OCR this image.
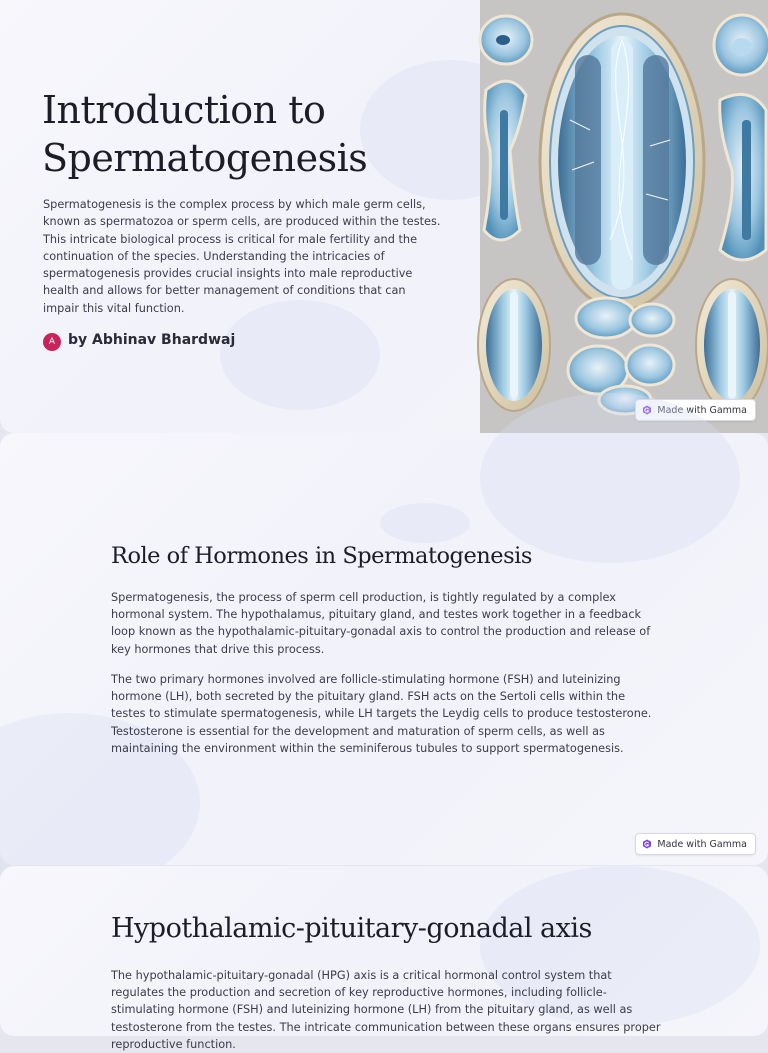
Introduction to Spermatogenesis

Spermatogenesis is the complex process by which male germ cells, known as spermatozoa or sperm cells, are produced within the testes. This intricate biological process is critical for male fertility and the continuation of the species. Understanding the intricacies of spermatogenesis provides crucial insights into male reproductive health and allows for better management of conditions that can impair this vital function.

A by Abhinav Bhardwaj
Made with Gamma
Role of Hormones in Spermatogenesis

Spermatogenesis, the process of sperm cell production, is tightly regulated by a complex hormonal system. The hypothalamus, pituitary gland, and testes work together in a feedback loop known as the hypothalamic-pituitary-gonadal axis to control the production and release of key hormones that drive this process.

The two primary hormones involved are follicle-stimulating hormone (FSH) and luteinizing hormone (LH), both secreted by the pituitary gland. FSH acts on the Sertoli cells within the testes to stimulate spermatogenesis, while LH targets the Leydig cells to produce testosterone. Testosterone is essential for the development and maturation of sperm cells, as well as maintaining the environment within the seminiferous tubules to support spermatogenesis.

Made with Gamma
Hypothalamic-pituitary-gonadal axis

The hypothalamic-pituitary-gonadal (HPG) axis is a critical hormonal control system that regulates the production and secretion of key reproductive hormones, including follicle-stimulating hormone (FSH) and luteinizing hormone (LH) from the pituitary gland, as well as testosterone from the testes. The intricate communication between these organs ensures proper reproductive function.
